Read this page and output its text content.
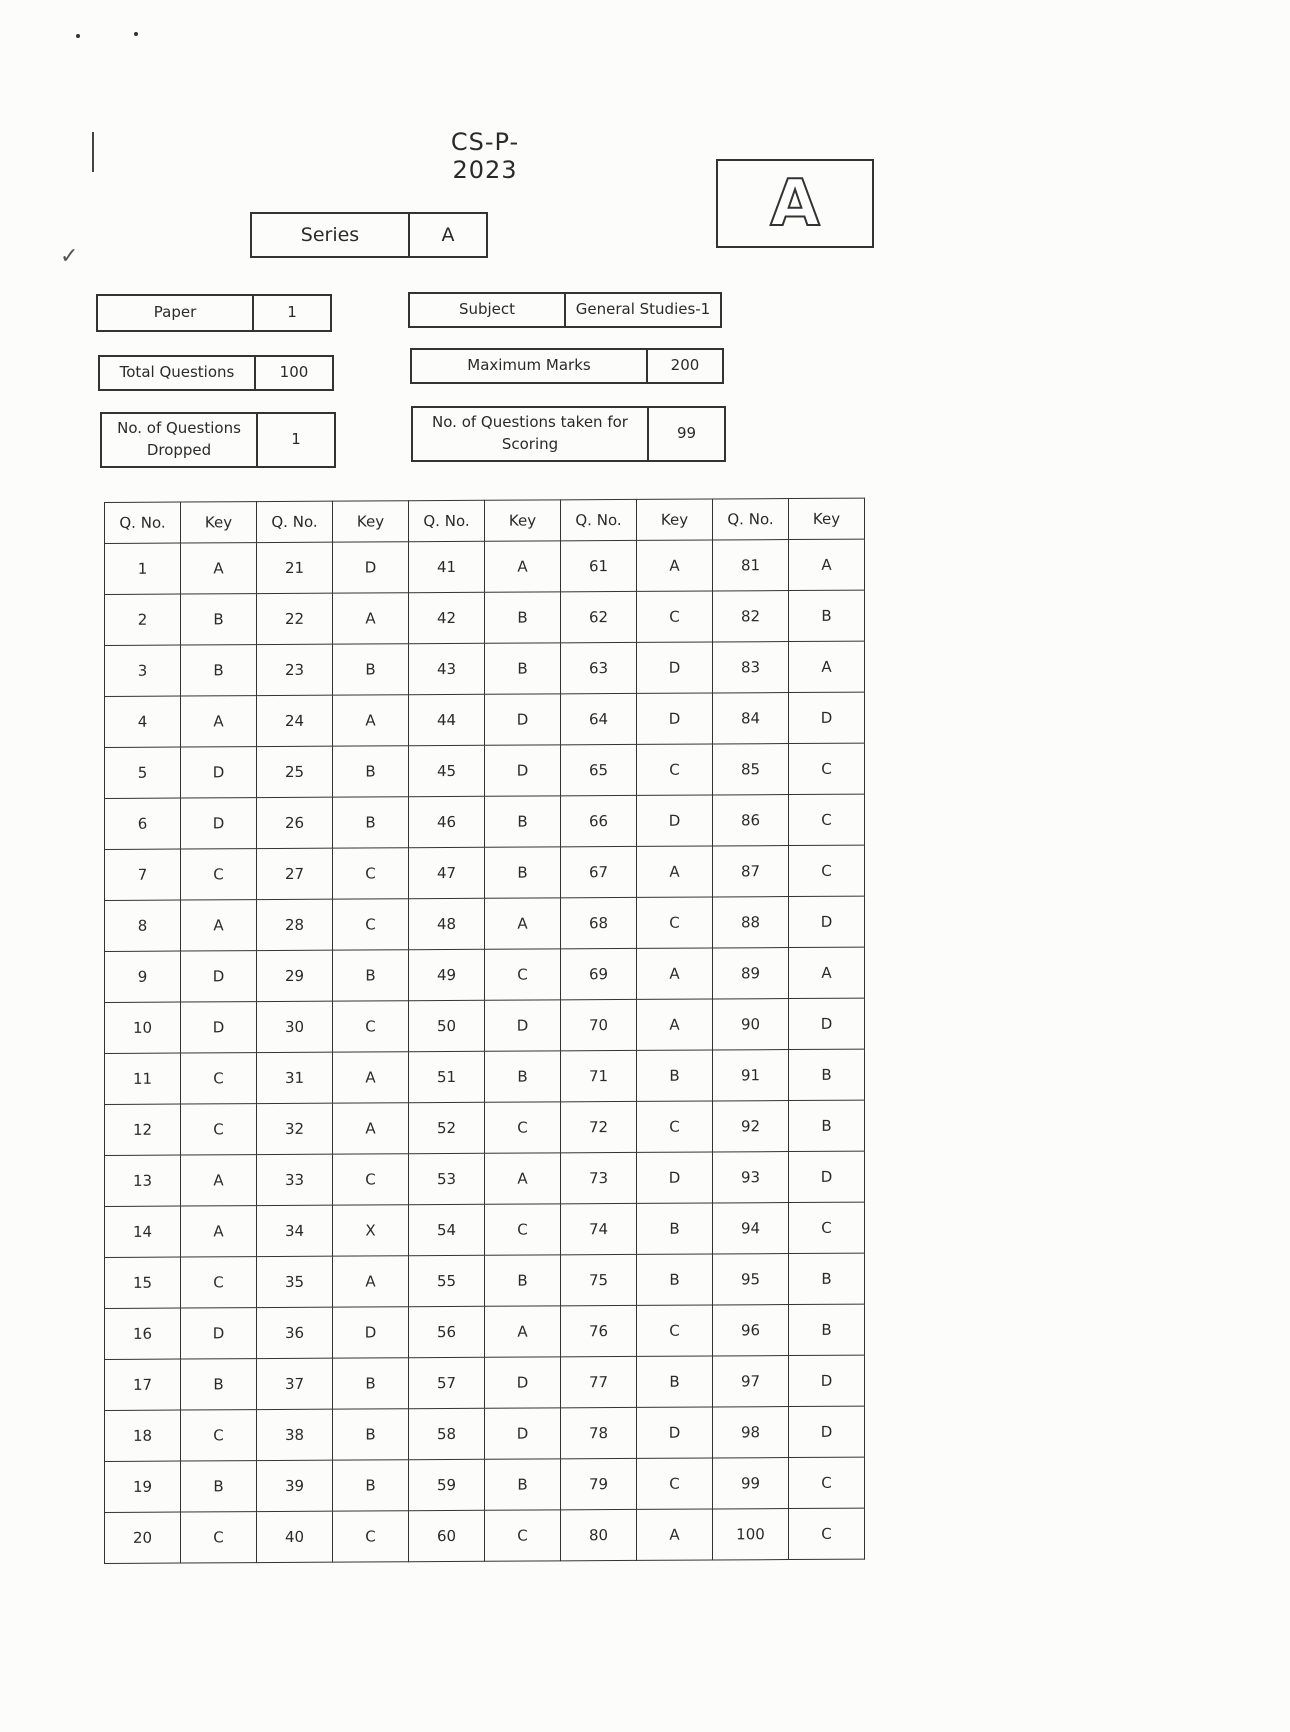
✓
CS-P- 2023
Series	A	A
Paper	1	Subject	General Studies-1
Total Questions	100	Maximum Marks	200
No. of Questions Dropped
1
No. of Questions taken for Scoring
99
Q. No.	Key	Q. No.	Key	Q. No.	Key	Q. No.	Key	Q. No.	Key
1	A	21	D	41	A	61	A	81	A
2	B	22	A	42	B	62	C	82	B
3	B	23	B	43	B	63	D	83	A
4	A	24	A	44	D	64	D	84	D
5	D	25	B	45	D	65	C	85	C
6	D	26	B	46	B	66	D	86	C
7	C	27	C	47	B	67	A	87	C
8	A	28	C	48	A	68	C	88	D
9	D	29	B	49	C	69	A	89	A
10	D	30	C	50	D	70	A	90	D
11	C	31	A	51	B	71	B	91	B
12	C	32	A	52	C	72	C	92	B
13	A	33	C	53	A	73	D	93	D
14	A	34	X	54	C	74	B	94	C
15	C	35	A	55	B	75	B	95	B
16	D	36	D	56	A	76	C	96	B
17	B	37	B	57	D	77	B	97	D
18	C	38	B	58	D	78	D	98	D
19	B	39	B	59	B	79	C	99	C
20	C	40	C	60	C	80	A	100	C
